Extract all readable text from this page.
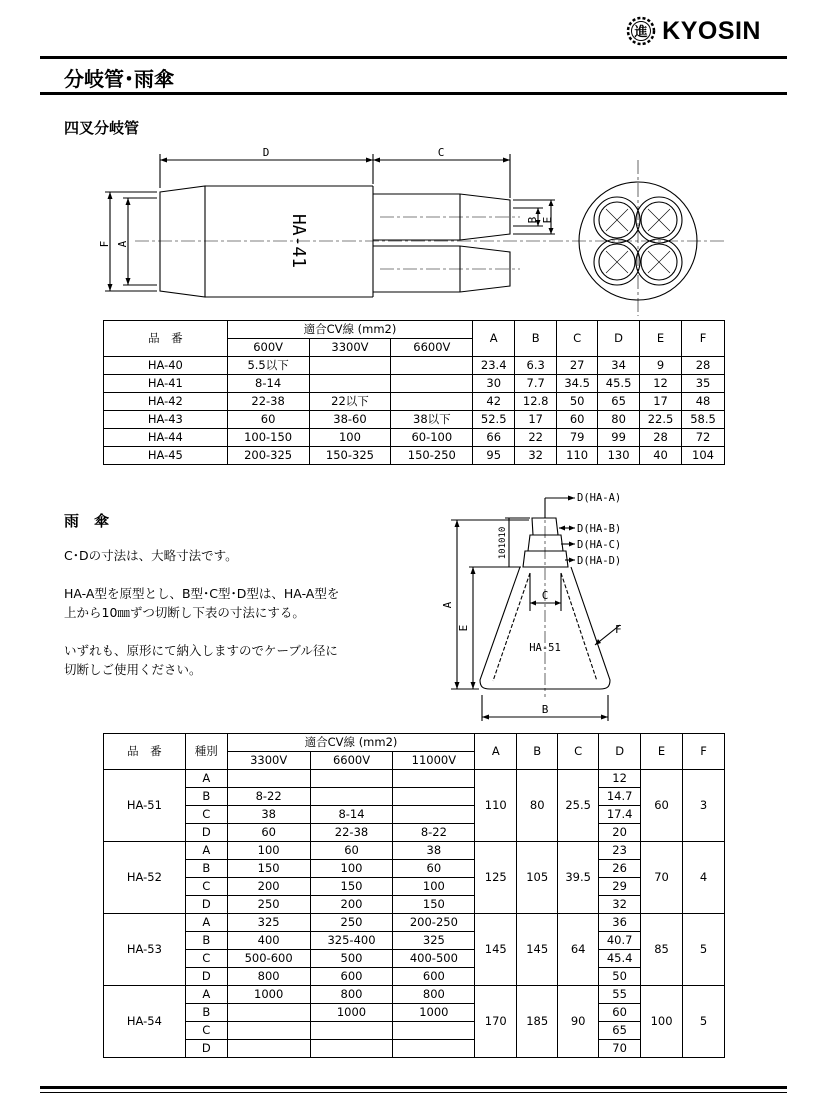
進 KYOSIN
分岐管･雨傘
四叉分岐管
D	C
F A
B E
HA-41
品　番	適合CV線 (mm2)			A	B	C	D	E	F
	600V	3300V	6600V						
HA-40	5.5以下			23.4	6.3	27	34	9	28
HA-41	8-14			30	7.7	34.5	45.5	12	35
HA-42	22-38	22以下		42	12.8	50	65	17	48
HA-43	60	38-60	38以下	52.5	17	60	80	22.5	58.5
HA-44	100-150	100	60-100	66	22	79	99	28	72
HA-45	200-325	150-325	150-250	95	32	110	130	40	104
雨　傘
C･Dの寸法は、大略寸法です。
HA-A型を原型とし、B型･C型･D型は、HA-A型を
上から10㎜ずつ切断し下表の寸法にする。
いずれも、原形にて納入しますのでケーブル径に
切断しご使用ください。
D(HA-A)
D(HA-B)
D(HA-C)
D(HA-D)
101010
A
E
C
F
B
HA-51
品　番	種別	適合CV線 (mm2)			A	B	C	D	E	F
		3300V	6600V	11000V						
HA-51	A				110	80	25.5	12	60	3
	B	8-22						14.7		
	C	38	8-14					17.4		
	D	60	22-38	8-22				20		
HA-52	A	100	60	38	125	105	39.5	23	70	4
	B	150	100	60				26		
	C	200	150	100				29		
	D	250	200	150				32		
HA-53	A	325	250	200-250	145	145	64	36	85	5
	B	400	325-400	325				40.7		
	C	500-600	500	400-500				45.4		
	D	800	600	600				50		
HA-54	A	1000	800	800	170	185	90	55	100	5
	B		1000	1000				60		
	C							65		
	D							70		
